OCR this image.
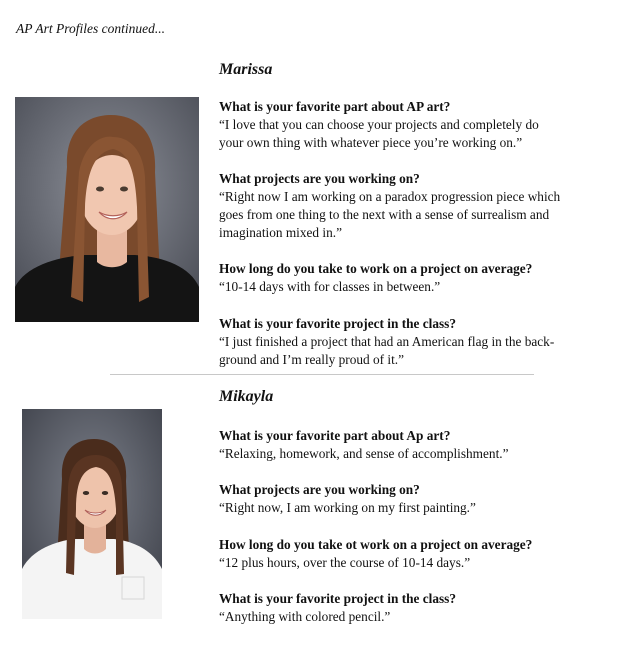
AP Art Profiles continued...
Marissa
What is your favorite part about AP art?
“I love that you can choose your projects and completely do
your own thing with whatever piece you’re working on.”
What projects are you working on?
“Right now I am working on a paradox progression piece which
goes from one thing to the next with a sense of surrealism and
imagination mixed in.”
How long do you take to work on a project on average?
“10-14 days with for classes in between.”
What is your favorite project in the class?
“I just finished a project that had an American flag in the back-
ground and I’m really proud of it.”
Mikayla
What is your favorite part about Ap art?
“Relaxing, homework, and sense of accomplishment.”
What projects are you working on?
“Right now, I am working on my first painting.”
How long do you take ot work on a project on average?
“12 plus hours, over the course of 10-14 days.”
What is your favorite project in the class?
“Anything with colored pencil.”
